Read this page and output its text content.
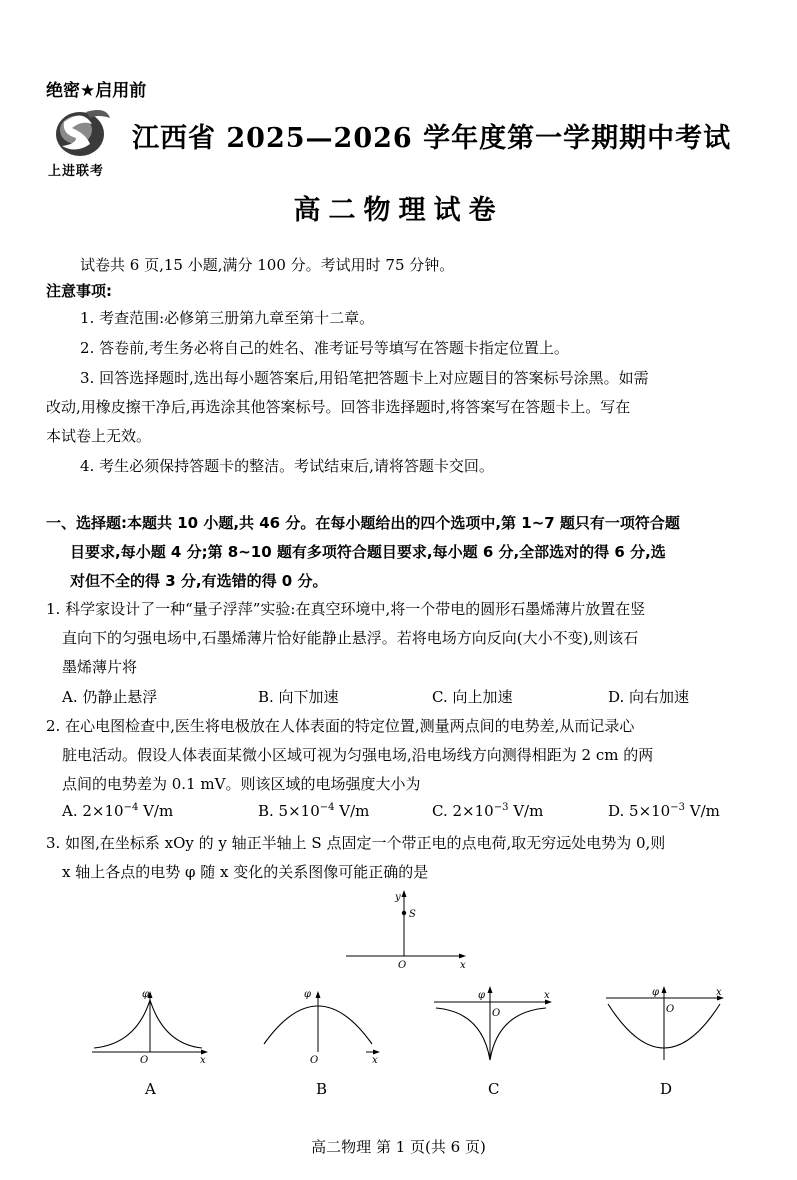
绝密★启用前
上进联考
江西省 2025—2026 学年度第一学期期中考试
高二物理试卷
试卷共 6 页,15 小题,满分 100 分。考试用时 75 分钟。
注意事项:
1. 考查范围:必修第三册第九章至第十二章。
2. 答卷前,考生务必将自己的姓名、准考证号等填写在答题卡指定位置上。
3. 回答选择题时,选出每小题答案后,用铅笔把答题卡上对应题目的答案标号涂黑。如需
改动,用橡皮擦干净后,再选涂其他答案标号。回答非选择题时,将答案写在答题卡上。写在
本试卷上无效。
4. 考生必须保持答题卡的整洁。考试结束后,请将答题卡交回。
一、选择题:本题共 10 小题,共 46 分。在每小题给出的四个选项中,第 1~7 题只有一项符合题
目要求,每小题 4 分;第 8~10 题有多项符合题目要求,每小题 6 分,全部选对的得 6 分,选
对但不全的得 3 分,有选错的得 0 分。
1. 科学家设计了一种“量子浮萍”实验:在真空环境中,将一个带电的圆形石墨烯薄片放置在竖
直向下的匀强电场中,石墨烯薄片恰好能静止悬浮。若将电场方向反向(大小不变),则该石
墨烯薄片将
A. 仍静止悬浮	B. 向下加速	C. 向上加速	D. 向右加速
2. 在心电图检查中,医生将电极放在人体表面的特定位置,测量两点间的电势差,从而记录心
脏电活动。假设人体表面某微小区域可视为匀强电场,沿电场线方向测得相距为 2 cm 的两
点间的电势差为 0.1 mV。则该区域的电场强度大小为
A. $2\times 10^{-4}$ V/m	B. $5\times 10^{-4}$ V/m	C. $2\times 10^{-3}$ V/m	D. $5\times 10^{-3}$ V/m
3. 如图,在坐标系 xOy 的 y 轴正半轴上 S 点固定一个带正电的点电荷,取无穷远处电势为 0,则
x 轴上各点的电势 φ 随 x 变化的关系图像可能正确的是
y
S
O	x
φ
O	x
A
φ
O	x
B
φ
O
x
C
φ
O
x
D
高二物理 第 1 页(共 6 页)
